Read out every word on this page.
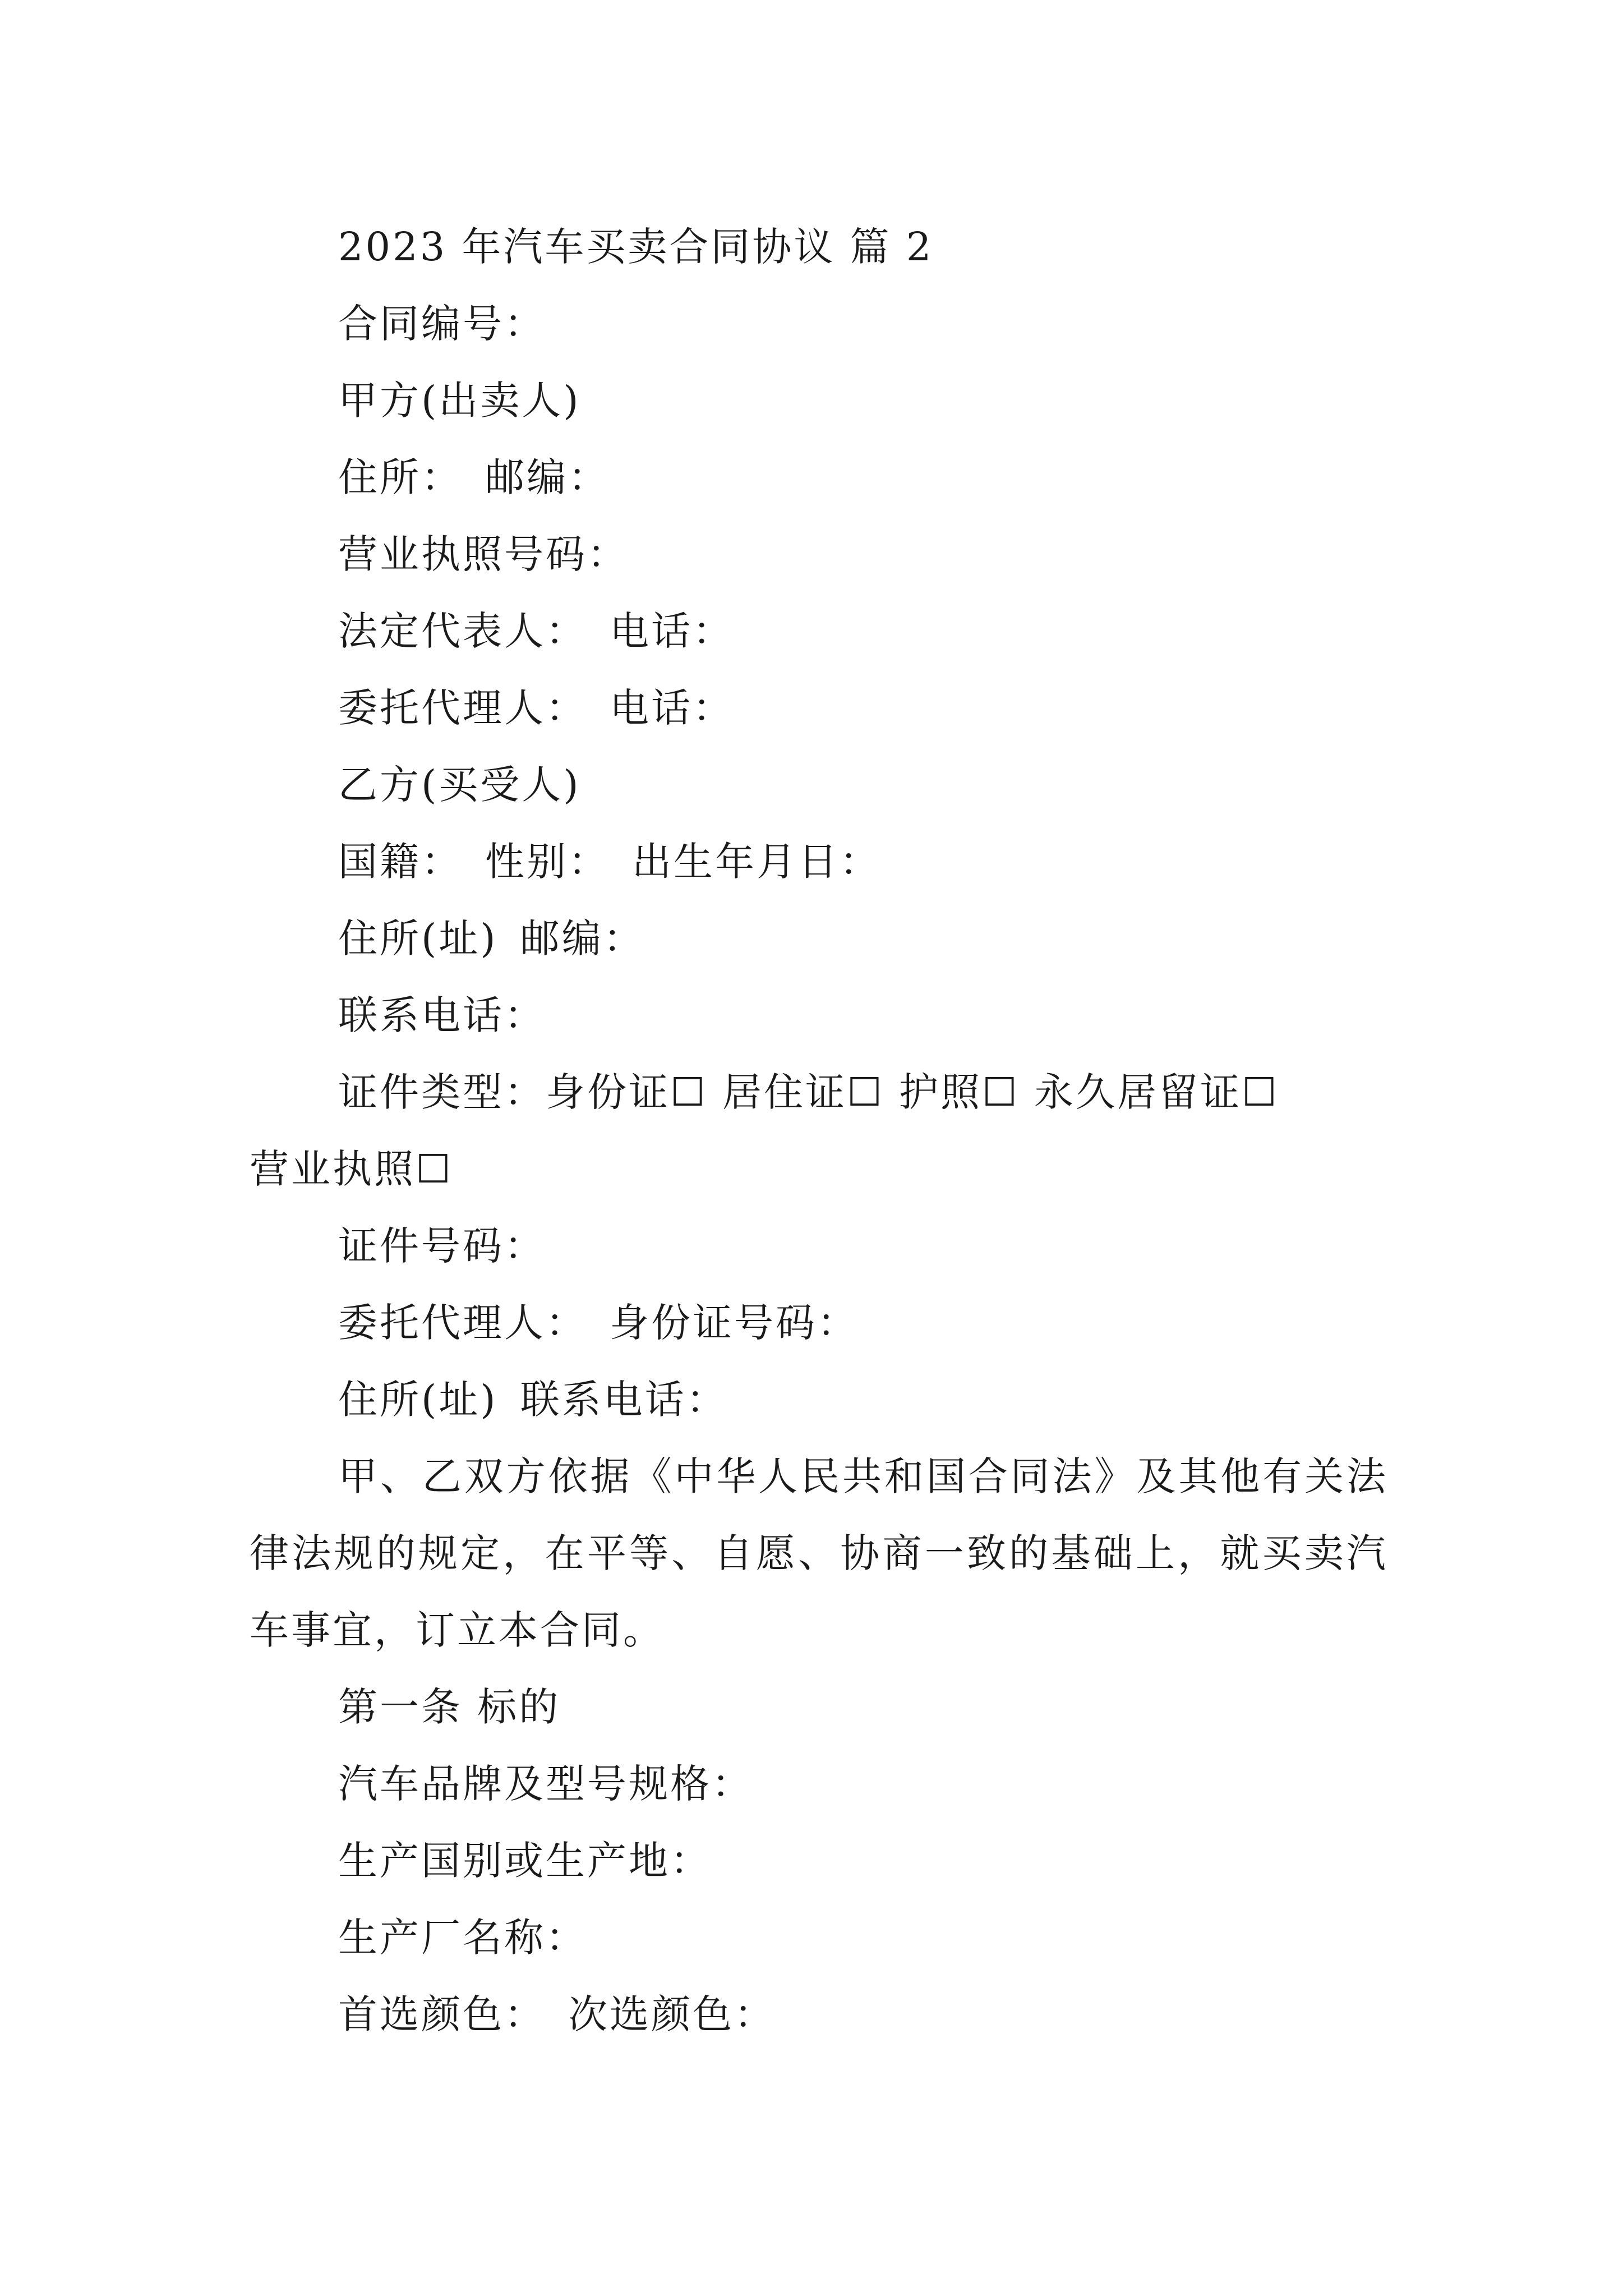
2023 年汽车买卖合同协议 篇 2
合同编号：
甲方(出卖人)
住所： 邮编：
营业执照号码：
法定代表人： 电话：
委托代理人： 电话：
乙方(买受人)
国籍： 性别： 出生年月日：
住所(址) 邮编：
联系电话：
证件类型：身份证☐ 居住证☐ 护照☐ 永久居留证☐
营业执照☐
证件号码：
委托代理人： 身份证号码：
住所(址) 联系电话：
甲、乙双方依据《中华人民共和国合同法》及其他有关法律法规的规定，在平等、自愿、协商一致的基础上，就买卖汽车事宜，订立本合同。
第一条 标的
汽车品牌及型号规格：
生产国别或生产地：
生产厂名称：
首选颜色： 次选颜色：
